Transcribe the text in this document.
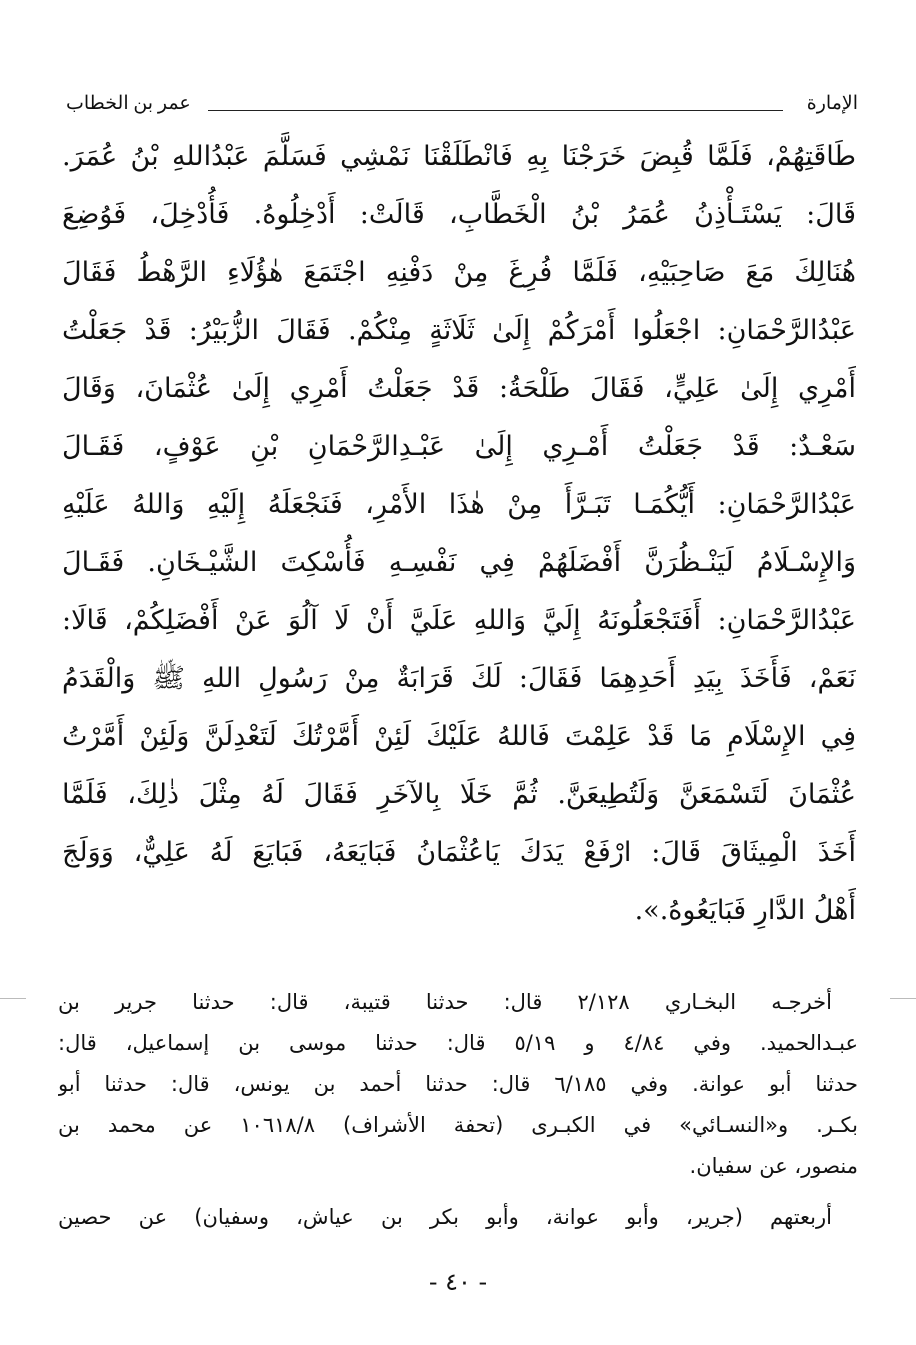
الإمارة
عمر بن الخطاب
طَاقَتِهُمْ، فَلَمَّا قُبِضَ خَرَجْنَا بِهِ فَانْطَلَقْنَا نَمْشِي فَسَلَّمَ عَبْدُاللهِ بْنُ عُمَرَ.
قَالَ: يَسْتَـأْذِنُ عُمَرُ بْنُ الْخَطَّابِ، قَالَتْ: أَدْخِلُوهُ. فَأُدْخِلَ، فَوُضِعَ
هُنَالِكَ مَعَ صَاحِبَيْهِ، فَلَمَّا فُرِغَ مِنْ دَفْنِهِ اجْتَمَعَ هٰؤُلَاءِ الرَّهْطُ فَقَالَ
عَبْدُالرَّحْمَانِ: اجْعَلُوا أَمْرَكُمْ إِلَىٰ ثَلَاثَةٍ مِنْكُمْ. فَقَالَ الزُّبَيْرُ: قَدْ جَعَلْتُ
أَمْرِي إِلَىٰ عَلِيٍّ، فَقَالَ طَلْحَةُ: قَدْ جَعَلْتُ أَمْرِي إِلَىٰ عُثْمَانَ، وَقَالَ
سَعْـدٌ: قَدْ جَعَلْتُ أَمْـرِي إِلَىٰ عَبْـدِالرَّحْمَانِ بْنِ عَوْفٍ، فَقَـالَ
عَبْدُالرَّحْمَانِ: أَيُّكُمَـا تَبَـرَّأَ مِنْ هٰذَا الأَمْرِ، فَنَجْعَلَهُ إِلَيْهِ وَاللهُ عَلَيْهِ
وَالإِسْـلَامُ لَيَنْـظُرَنَّ أَفْضَلَهُمْ فِي نَفْسِـهِ فَأُسْكِتَ الشَّيْـخَانِ. فَقَـالَ
عَبْدُالرَّحْمَانِ: أَفَتَجْعَلُونَهُ إِلَيَّ وَاللهِ عَلَيَّ أَنْ لَا آلُوَ عَنْ أَفْضَلِكُمْ، قَالَا:
نَعَمْ، فَأَخَذَ بِيَدِ أَحَدِهِمَا فَقَالَ: لَكَ قَرَابَةٌ مِنْ رَسُولِ اللهِ ﷺ وَالْقَدَمُ
فِي الإِسْلَامِ مَا قَدْ عَلِمْتَ فَاللهُ عَلَيْكَ لَئِنْ أَمَّرْتُكَ لَتَعْدِلَنَّ وَلَئِنْ أَمَّرْتُ
عُثْمَانَ لَتَسْمَعَنَّ وَلَتُطِيعَنَّ. ثُمَّ خَلَا بِالآخَرِ فَقَالَ لَهُ مِثْلَ ذٰلِكَ، فَلَمَّا
أَخَذَ الْمِيثَاقَ قَالَ: ارْفَعْ يَدَكَ يَاعُثْمَانُ فَبَايَعَهُ، فَبَايَعَ لَهُ عَلِيٌّ، وَوَلَجَ
أَهْلُ الدَّارِ فَبَايَعُوهُ.».
أخرجـه البخـاري ٢/١٢٨ قال: حدثنا قتيبة، قال: حدثنا جرير بن
عبـدالحميد. وفي ٤/٨٤ و ٥/١٩ قال: حدثنا موسى بن إسماعيل، قال:
حدثنا أبو عوانة. وفي ٦/١٨٥ قال: حدثنا أحمد بن يونس، قال: حدثنا أبو
بكـر. و«النسـائي» في الكبـرى (تحفة الأشراف) ١٠٦١٨/٨ عن محمد بن
منصور، عن سفيان.
أربعتهم (جرير، وأبو عوانة، وأبو بكر بن عياش، وسفيان) عن حصين
- ٤٠ -
